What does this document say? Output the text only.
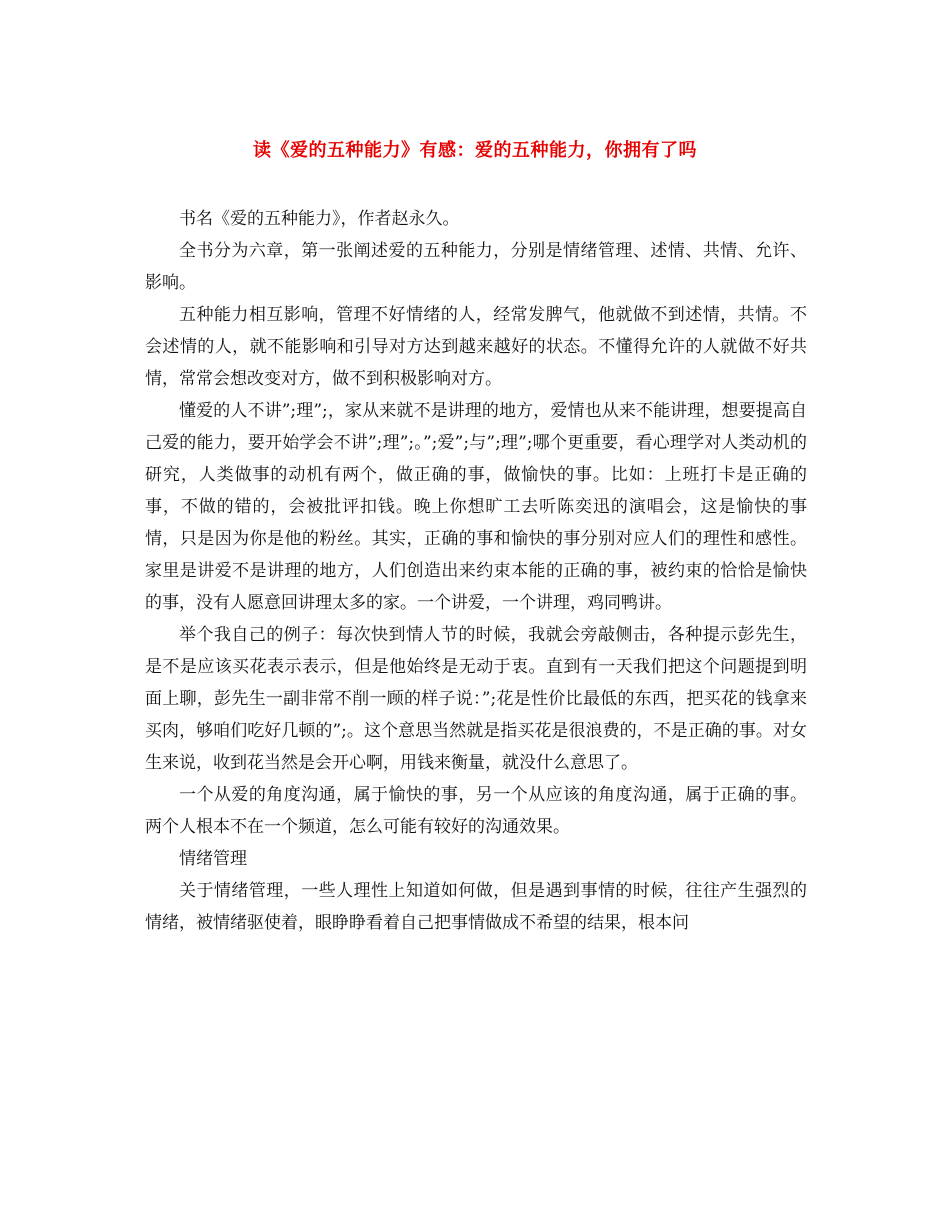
读《爱的五种能力》有感：爱的五种能力，你拥有了吗

书名《爱的五种能力》，作者赵永久。

全书分为六章，第一张阐述爱的五种能力，分别是情绪管理、述情、共情、允许、影响。

五种能力相互影响，管理不好情绪的人，经常发脾气，他就做不到述情，共情。不会述情的人，就不能影响和引导对方达到越来越好的状态。不懂得允许的人就做不好共情，常常会想改变对方，做不到积极影响对方。

懂爱的人不讲”;理”;，家从来就不是讲理的地方，爱情也从来不能讲理，想要提高自己爱的能力，要开始学会不讲”;理”;。”;爱”;与”;理”;哪个更重要，看心理学对人类动机的研究，人类做事的动机有两个，做正确的事，做愉快的事。比如：上班打卡是正确的事，不做的错的，会被批评扣钱。晚上你想旷工去听陈奕迅的演唱会，这是愉快的事情，只是因为你是他的粉丝。其实，正确的事和愉快的事分别对应人们的理性和感性。家里是讲爱不是讲理的地方，人们创造出来约束本能的正确的事，被约束的恰恰是愉快的事，没有人愿意回讲理太多的家。一个讲爱，一个讲理，鸡同鸭讲。

举个我自己的例子：每次快到情人节的时候，我就会旁敲侧击，各种提示彭先生，是不是应该买花表示表示，但是他始终是无动于衷。直到有一天我们把这个问题提到明面上聊，彭先生一副非常不削一顾的样子说：”;花是性价比最低的东西，把买花的钱拿来买肉，够咱们吃好几顿的”;。这个意思当然就是指买花是很浪费的，不是正确的事。对女生来说，收到花当然是会开心啊，用钱来衡量，就没什么意思了。

一个从爱的角度沟通，属于愉快的事，另一个从应该的角度沟通，属于正确的事。两个人根本不在一个频道，怎么可能有较好的沟通效果。

情绪管理

关于情绪管理，一些人理性上知道如何做，但是遇到事情的时候，往往产生强烈的情绪，被情绪驱使着，眼睁睁看着自己把事情做成不希望的结果，根本问
